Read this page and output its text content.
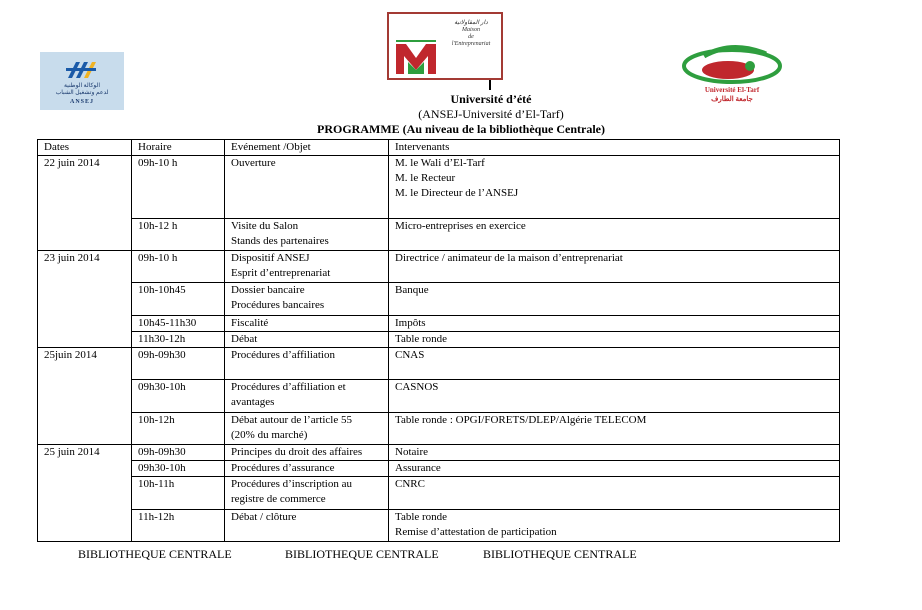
الوكالة الوطنية
لدعم وتشغيل الشباب
ANSEJ
دار المقاولاتية
Maison
de
l'Entreprenariat
Université El-Tarf
جامعة الطارف
Université d’été
(ANSEJ-Université d’El-Tarf)
PROGRAMME (Au niveau de la bibliothèque Centrale)
Dates	Horaire	Evénement /Objet	Intervenants
22 juin 2014	09h-10 h	Ouverture	M. le Wali d’El-Tarf
M. le Recteur
M. le Directeur de l’ANSEJ

	10h-12 h	Visite du Salon
Stands des partenaires	Micro-entreprises en exercice

23 juin 2014	09h-10 h	Dispositif ANSEJ
Esprit d’entreprenariat	Directrice / animateur de la maison d’entreprenariat

	10h-10h45	Dossier bancaire
Procédures bancaires	Banque

	10h45-11h30	Fiscalité	Impôts

	11h30-12h	Débat	Table ronde

25juin 2014	09h-09h30	Procédures d’affiliation	CNAS

	09h30-10h	Procédures d’affiliation et
avantages	CASNOS

	10h-12h	Débat autour de l’article 55
(20% du marché)	Table ronde : OPGI/FORETS/DLEP/Algérie TELECOM

25 juin 2014	09h-09h30	Principes du droit des affaires	Notaire

	09h30-10h	Procédures d’assurance	Assurance

	10h-11h	Procédures d’inscription au
registre de commerce	CNRC

	11h-12h	Débat / clôture	Table ronde
Remise d’attestation de participation
BIBLIOTHEQUE CENTRALE	BIBLIOTHEQUE CENTRALE	BIBLIOTHEQUE CENTRALE
